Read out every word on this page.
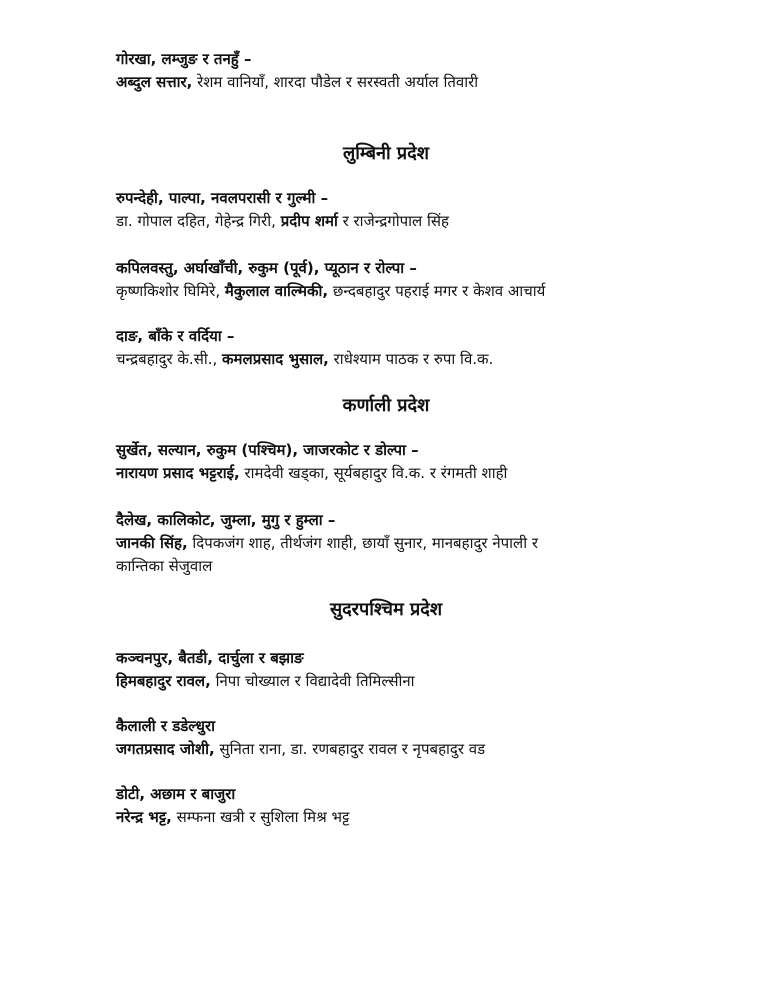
गोरखा, लम्जुङ र तनहुँ –
अब्दुल सत्तार, रेशम वानियाँ, शारदा पौडेल र सरस्वती अर्याल तिवारी
लुम्बिनी प्रदेश
रुपन्देही, पाल्पा, नवलपरासी र गुल्मी –
डा. गोपाल दहित, गेहेन्द्र गिरी, प्रदीप शर्मा र राजेन्द्रगोपाल सिंह
कपिलवस्तु, अर्घाखाँची, रुकुम (पूर्व), प्यूठान र रोल्पा –
कृष्णकिशोर घिमिरे, मैकुलाल वाल्मिकी, छन्दबहादुर पहराई मगर र केशव आचार्य
दाङ, बाँके र वर्दिया –
चन्द्रबहादुर के.सी., कमलप्रसाद भुसाल, राधेश्याम पाठक र रुपा वि.क.
कर्णाली प्रदेश
सुर्खेत, सल्यान, रुकुम (पश्चिम), जाजरकोट र डोल्पा –
नारायण प्रसाद भट्टराई, रामदेवी खड्का, सूर्यबहादुर वि.क. र रंगमती शाही
दैलेख, कालिकोट, जुम्ला, मुगु र हुम्ला –
जानकी सिंह, दिपकजंग शाह, तीर्थजंग शाही, छायाँ सुनार, मानबहादुर नेपाली र
कान्तिका सेजुवाल
सुदरपश्चिम प्रदेश
कञ्चनपुर, बैतडी, दार्चुला र बझाङ
हिमबहादुर रावल, निपा चोख्याल र विद्यादेवी तिमिल्सीना
कैलाली र डडेल्धुरा
जगतप्रसाद जोशी, सुनिता राना, डा. रणबहादुर रावल र नृपबहादुर वड
डोटी, अछाम र बाजुरा
नरेन्द्र भट्ट, सम्फना खत्री र सुशिला मिश्र भट्ट
